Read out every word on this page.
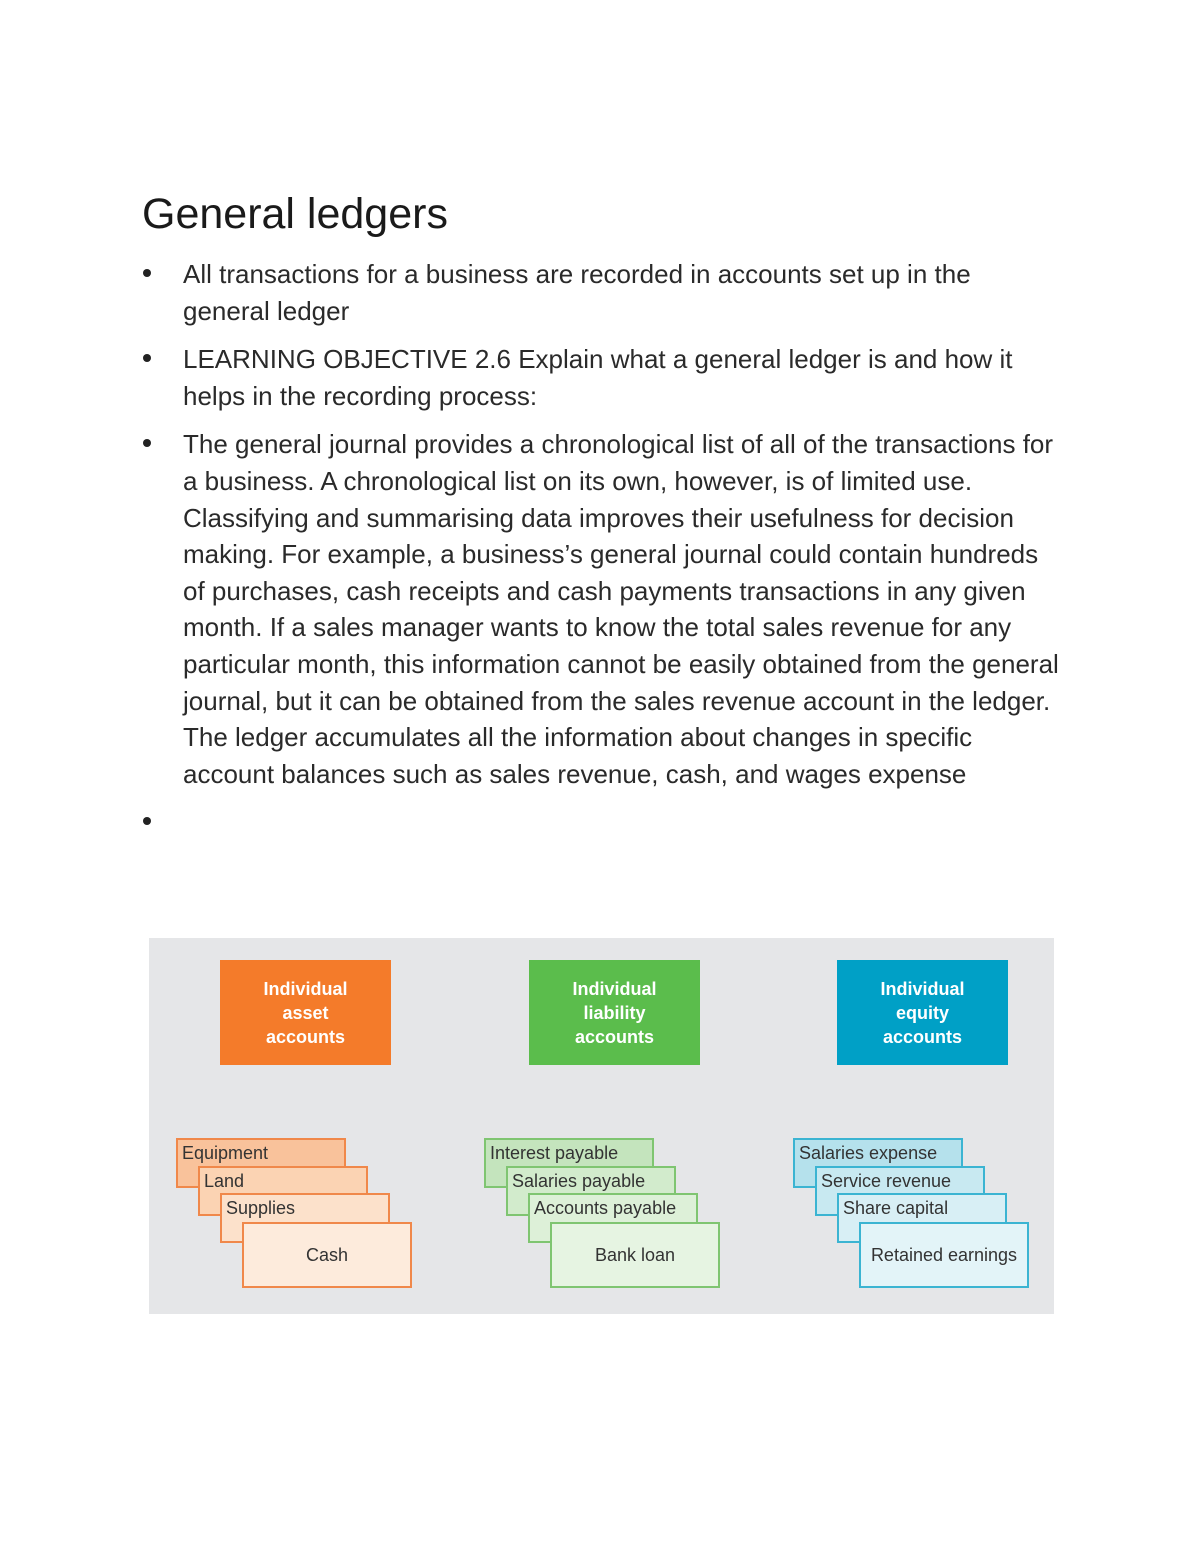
General ledgers
All transactions for a business are recorded in accounts set up in the general ledger
LEARNING OBJECTIVE 2.6 Explain what a general ledger is and how it helps in the recording process:
The general journal provides a chronological list of all of the transactions for a business. A chronological list on its own, however, is of limited use. Classifying and summarising data improves their usefulness for decision making. For example, a business’s general journal could contain hundreds of purchases, cash receipts and cash payments transactions in any given month. If a sales manager wants to know the total sales revenue for any particular month, this information cannot be easily obtained from the general journal, but it can be obtained from the sales revenue account in the ledger. The ledger accumulates all the information about changes in specific account balances such as sales revenue, cash, and wages expense
Individual
asset
accounts
Equipment
Land
Supplies
Cash
Individual
liability
accounts
Interest payable
Salaries payable
Accounts payable
Bank loan
Individual
equity
accounts
Salaries expense
Service revenue
Share capital
Retained earnings
